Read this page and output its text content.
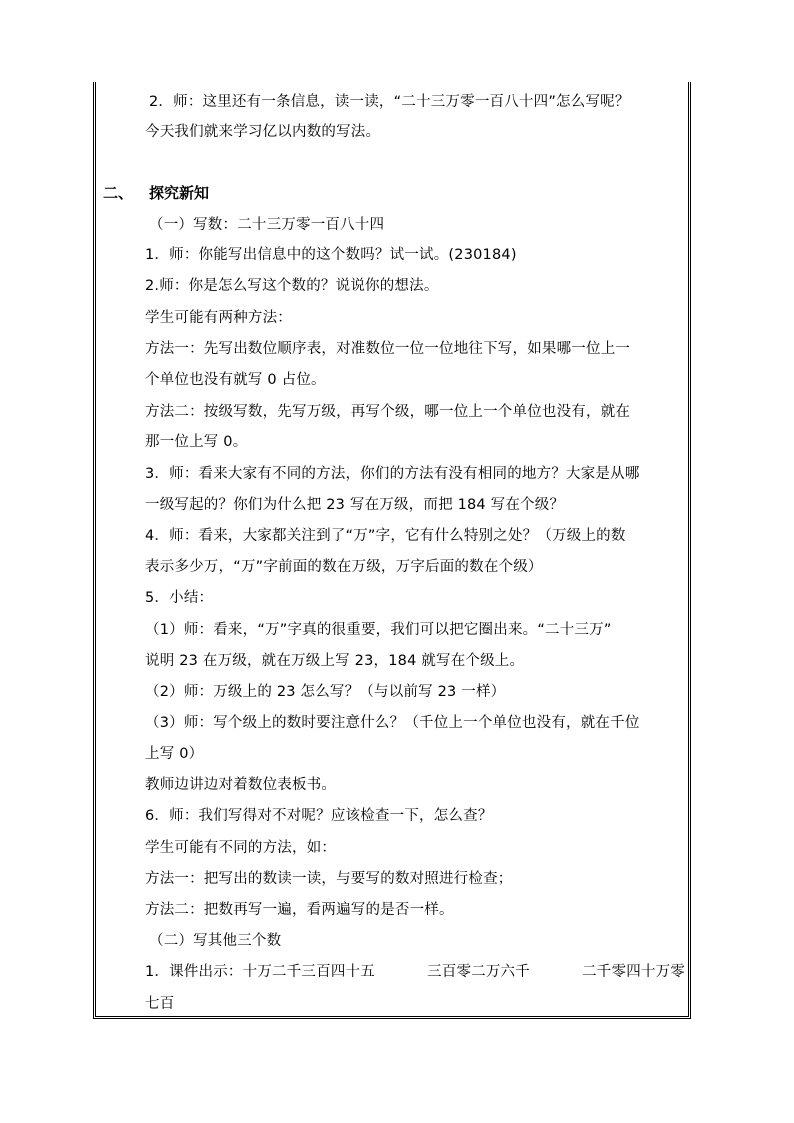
2．师：这里还有一条信息，读一读，“二十三万零一百八十四”怎么写呢？
今天我们就来学习亿以内数的写法。
二、 探究新知
（一）写数：二十三万零一百八十四
1．师：你能写出信息中的这个数吗？试一试。(230184)
2.师：你是怎么写这个数的？说说你的想法。
学生可能有两种方法：
方法一：先写出数位顺序表，对准数位一位一位地往下写，如果哪一位上一
个单位也没有就写 0 占位。
方法二：按级写数，先写万级，再写个级，哪一位上一个单位也没有，就在
那一位上写 0。
3．师：看来大家有不同的方法，你们的方法有没有相同的地方？大家是从哪
一级写起的？你们为什么把 23 写在万级，而把 184 写在个级？
4．师：看来，大家都关注到了“万”字，它有什么特别之处？（万级上的数
表示多少万，“万”字前面的数在万级，万字后面的数在个级）
5．小结：
（1）师：看来，“万”字真的很重要，我们可以把它圈出来。“二十三万”
说明 23 在万级，就在万级上写 23，184 就写在个级上。
（2）师：万级上的 23 怎么写？（与以前写 23 一样）
（3）师：写个级上的数时要注意什么？（千位上一个单位也没有，就在千位
上写 0）
教师边讲边对着数位表板书。
6．师：我们写得对不对呢？应该检查一下，怎么查？
学生可能有不同的方法，如：
方法一：把写出的数读一读，与要写的数对照进行检查；
方法二：把数再写一遍，看两遍写的是否一样。
（二）写其他三个数
1．课件出示：十万二千三百四十五	三百零二万六千	二千零四十万零
七百
